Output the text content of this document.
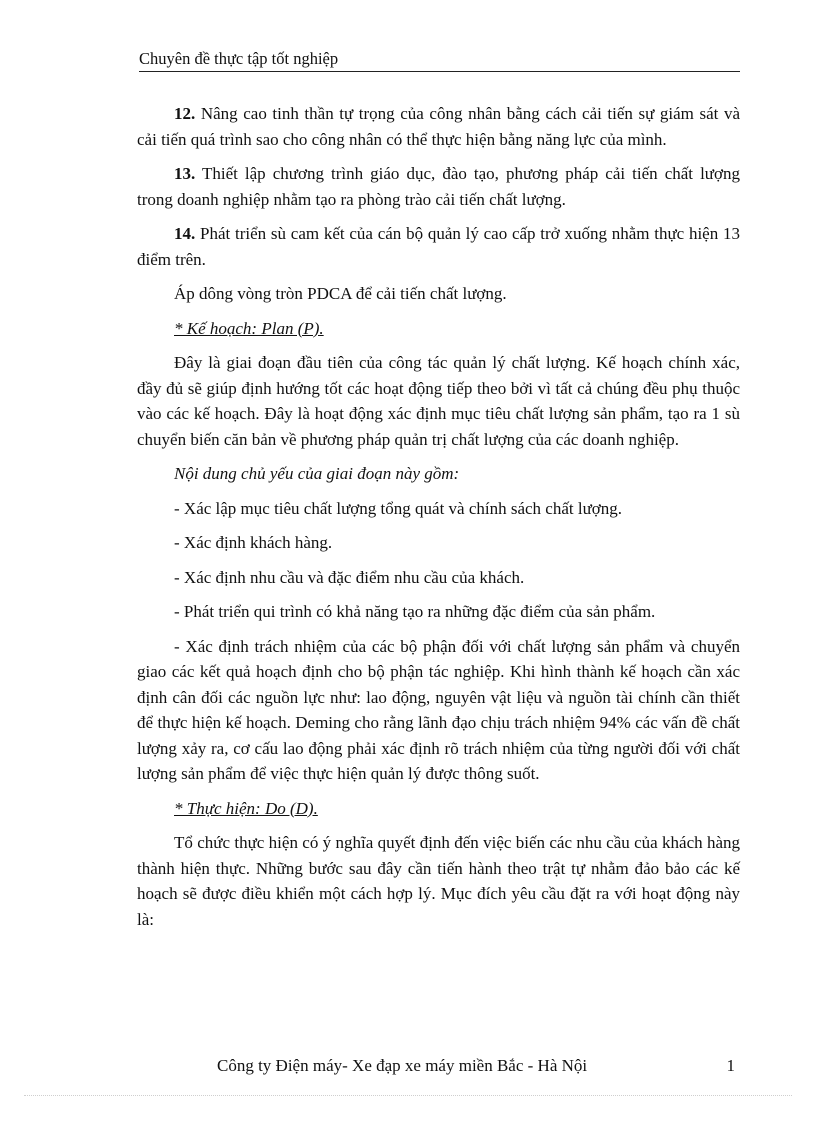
Chuyên đề thực tập tốt nghiệp

12. Nâng cao tinh thần tự trọng của công nhân bằng cách cải tiến sự giám sát và cải tiến quá trình sao cho công nhân có thể thực hiện bằng năng lực của mình.

13. Thiết lập chương trình giáo dục, đào tạo, phương pháp cải tiến chất lượng trong doanh nghiệp nhằm tạo ra phòng trào cải tiến chất lượng.

14. Phát triển sù cam kết của cán bộ quản lý cao cấp trở xuống nhằm thực hiện 13 điểm trên.

Áp dông vòng tròn PDCA để cải tiến chất lượng.

* Kế hoạch: Plan (P).

Đây là giai đoạn đầu tiên của công tác quản lý chất lượng. Kế hoạch chính xác, đầy đủ sẽ giúp định hướng tốt các hoạt động tiếp theo bởi vì tất cả chúng đều phụ thuộc vào các kế hoạch. Đây là hoạt động xác định mục tiêu chất lượng sản phẩm, tạo ra 1 sù chuyển biến căn bản về phương pháp quản trị chất lượng của các doanh nghiệp.

Nội dung chủ yếu của giai đoạn này gồm:

- Xác lập mục tiêu chất lượng tổng quát và chính sách chất lượng.

- Xác định khách hàng.

- Xác định nhu cầu và đặc điểm nhu cầu của khách.

- Phát triển qui trình có khả năng tạo ra những đặc điểm của sản phẩm.

- Xác định trách nhiệm của các bộ phận đối với chất lượng sản phẩm và chuyển giao các kết quả hoạch định cho bộ phận tác nghiệp. Khi hình thành kế hoạch cần xác định cân đối các nguồn lực như: lao động, nguyên vật liệu và nguồn tài chính cần thiết để thực hiện kế hoạch. Deming cho rằng lãnh đạo chịu trách nhiệm 94% các vấn đề chất lượng xảy ra, cơ cấu lao động phải xác định rõ trách nhiệm của từng người đối với chất lượng sản phẩm để việc thực hiện quản lý được thông suốt.

* Thực hiện: Do (D).

Tổ chức thực hiện có ý nghĩa quyết định đến việc biến các nhu cầu của khách hàng thành hiện thực. Những bước sau đây cần tiến hành theo trật tự nhằm đảo bảo các kế hoạch sẽ được điều khiển một cách hợp lý. Mục đích yêu cầu đặt ra với hoạt động này là:

Công ty Điện máy- Xe đạp xe máy miền Bắc - Hà Nội	1
